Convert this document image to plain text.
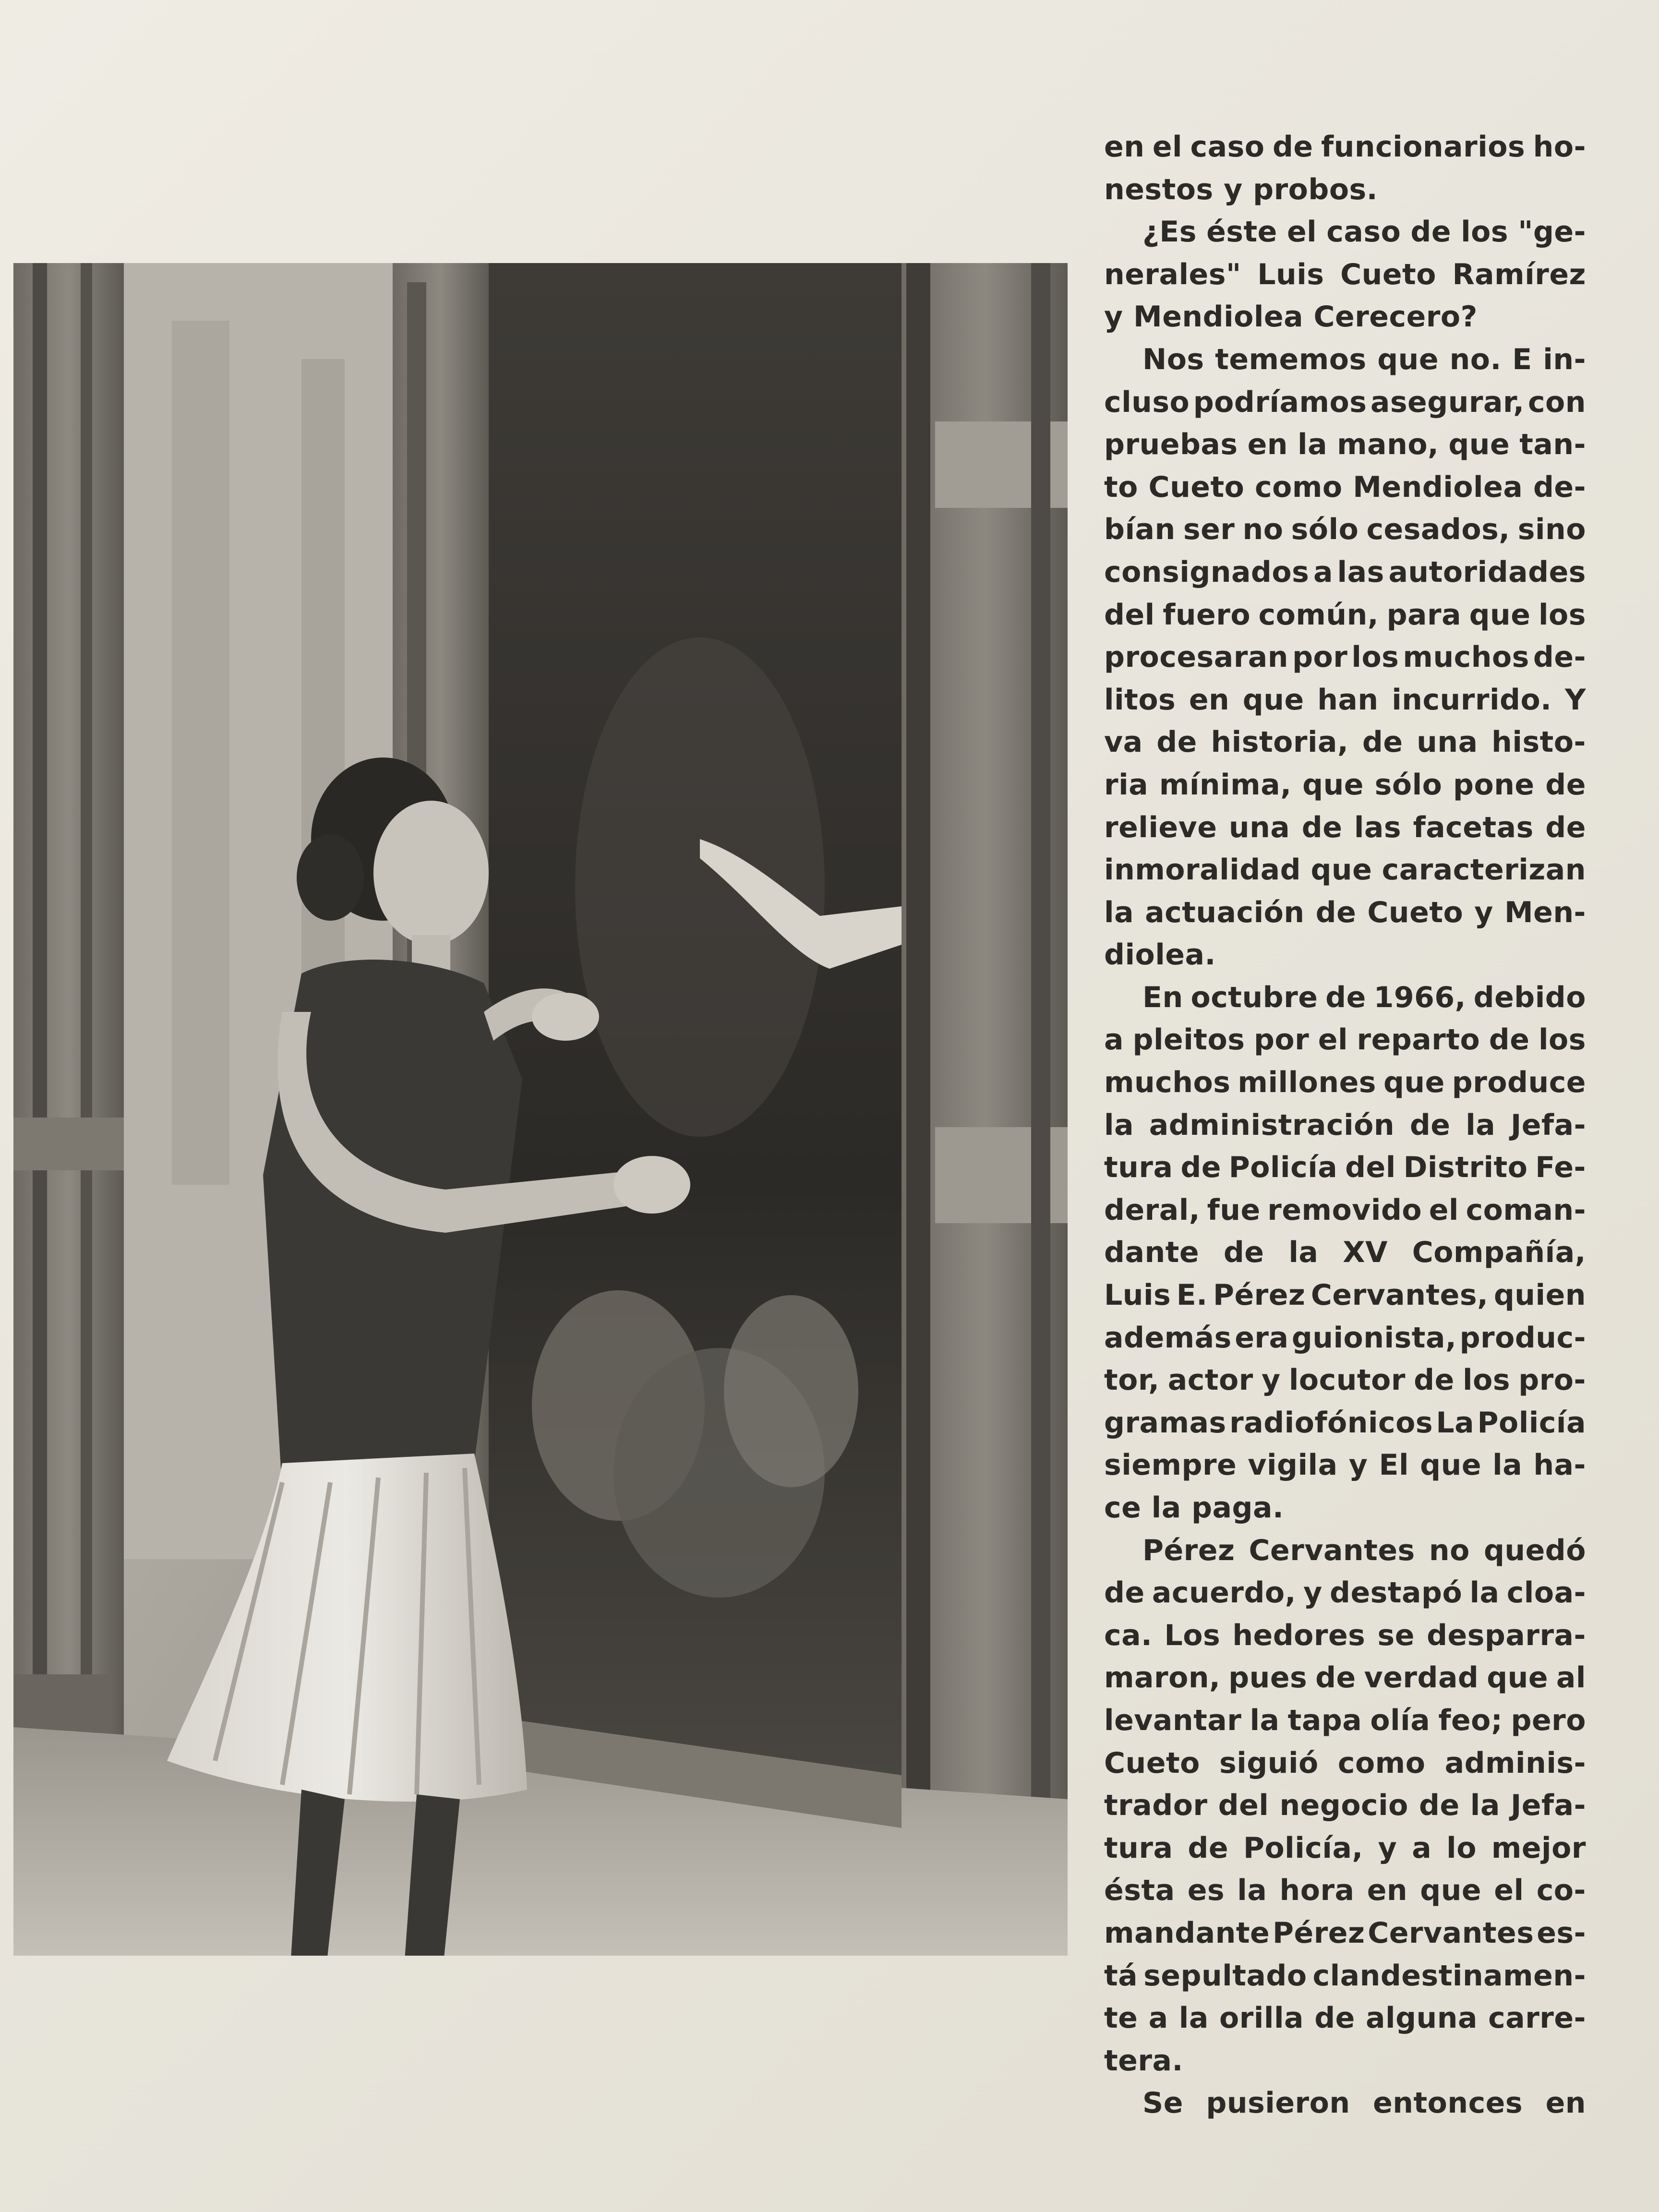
en el caso de funcionarios ho-
nestos y probos.
¿Es éste el caso de los "ge-
nerales" Luis Cueto Ramírez
y Mendiolea Cerecero?
Nos tememos que no. E in-
cluso podríamos asegurar, con
pruebas en la mano, que tan-
to Cueto como Mendiolea de-
bían ser no sólo cesados, sino
consignados a las autoridades
del fuero común, para que los
procesaran por los muchos de-
litos en que han incurrido. Y
va de historia, de una histo-
ria mínima, que sólo pone de
relieve una de las facetas de
inmoralidad que caracterizan
la actuación de Cueto y Men-
diolea.
En octubre de 1966, debido
a pleitos por el reparto de los
muchos millones que produce
la administración de la Jefa-
tura de Policía del Distrito Fe-
deral, fue removido el coman-
dante de la XV Compañía,
Luis E. Pérez Cervantes, quien
además era guionista, produc-
tor, actor y locutor de los pro-
gramas radiofónicos La Policía
siempre vigila y El que la ha-
ce la paga.
Pérez Cervantes no quedó
de acuerdo, y destapó la cloa-
ca. Los hedores se desparra-
maron, pues de verdad que al
levantar la tapa olía feo; pero
Cueto siguió como adminis-
trador del negocio de la Jefa-
tura de Policía, y a lo mejor
ésta es la hora en que el co-
mandante Pérez Cervantes es-
tá sepultado clandestinamen-
te a la orilla de alguna carre-
tera.
Se pusieron entonces en
